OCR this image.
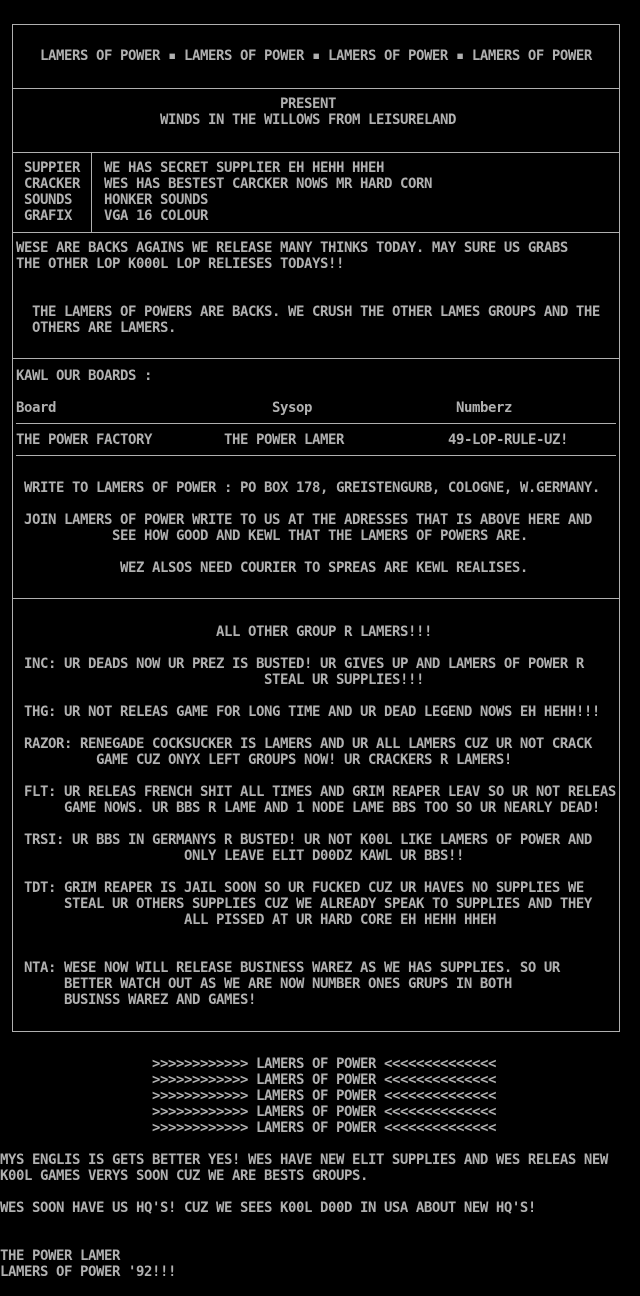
LAMERS OF POWER ▪ LAMERS OF POWER ▪ LAMERS OF POWER ▪ LAMERS OF POWER
PRESENT
WINDS IN THE WILLOWS FROM LEISURELAND
SUPPIER WE HAS SECRET SUPPLIER EH HEHH HHEH
CRACKER WES HAS BESTEST CARCKER NOWS MR HARD CORN
SOUNDS HONKER SOUNDS
GRAFIX VGA 16 COLOUR
WESE ARE BACKS AGAINS WE RELEASE MANY THINKS TODAY. MAY SURE US GRABS
THE OTHER LOP K000L LOP RELIESES TODAYS!!
THE LAMERS OF POWERS ARE BACKS. WE CRUSH THE OTHER LAMES GROUPS AND THE
OTHERS ARE LAMERS.
KAWL OUR BOARDS :
Board	Sysop	Numberz
THE POWER FACTORY	THE POWER LAMER	49-LOP-RULE-UZ!
WRITE TO LAMERS OF POWER : PO BOX 178, GREISTENGURB, COLOGNE, W.GERMANY.
JOIN LAMERS OF POWER WRITE TO US AT THE ADRESSES THAT IS ABOVE HERE AND
SEE HOW GOOD AND KEWL THAT THE LAMERS OF POWERS ARE.
WEZ ALSOS NEED COURIER TO SPREAS ARE KEWL REALISES.
ALL OTHER GROUP R LAMERS!!!
INC: UR DEADS NOW UR PREZ IS BUSTED! UR GIVES UP AND LAMERS OF POWER R
STEAL UR SUPPLIES!!!
THG: UR NOT RELEAS GAME FOR LONG TIME AND UR DEAD LEGEND NOWS EH HEHH!!!
RAZOR: RENEGADE COCKSUCKER IS LAMERS AND UR ALL LAMERS CUZ UR NOT CRACK
GAME CUZ ONYX LEFT GROUPS NOW! UR CRACKERS R LAMERS!
FLT: UR RELEAS FRENCH SHIT ALL TIMES AND GRIM REAPER LEAV SO UR NOT RELEAS
GAME NOWS. UR BBS R LAME AND 1 NODE LAME BBS TOO SO UR NEARLY DEAD!
TRSI: UR BBS IN GERMANYS R BUSTED! UR NOT K00L LIKE LAMERS OF POWER AND
ONLY LEAVE ELIT D00DZ KAWL UR BBS!!
TDT: GRIM REAPER IS JAIL SOON SO UR FUCKED CUZ UR HAVES NO SUPPLIES WE
STEAL UR OTHERS SUPPLIES CUZ WE ALREADY SPEAK TO SUPPLIES AND THEY
ALL PISSED AT UR HARD CORE EH HEHH HHEH
NTA: WESE NOW WILL RELEASE BUSINESS WAREZ AS WE HAS SUPPLIES. SO UR
BETTER WATCH OUT AS WE ARE NOW NUMBER ONES GRUPS IN BOTH
BUSINSS WAREZ AND GAMES!
>>>>>>>>>>>> LAMERS OF POWER <<<<<<<<<<<<<<
>>>>>>>>>>>> LAMERS OF POWER <<<<<<<<<<<<<<
>>>>>>>>>>>> LAMERS OF POWER <<<<<<<<<<<<<<
>>>>>>>>>>>> LAMERS OF POWER <<<<<<<<<<<<<<
>>>>>>>>>>>> LAMERS OF POWER <<<<<<<<<<<<<<
MYS ENGLIS IS GETS BETTER YES! WES HAVE NEW ELIT SUPPLIES AND WES RELEAS NEW
K00L GAMES VERYS SOON CUZ WE ARE BESTS GROUPS.
WES SOON HAVE US HQ'S! CUZ WE SEES K00L D00D IN USA ABOUT NEW HQ'S!
THE POWER LAMER
LAMERS OF POWER '92!!!
